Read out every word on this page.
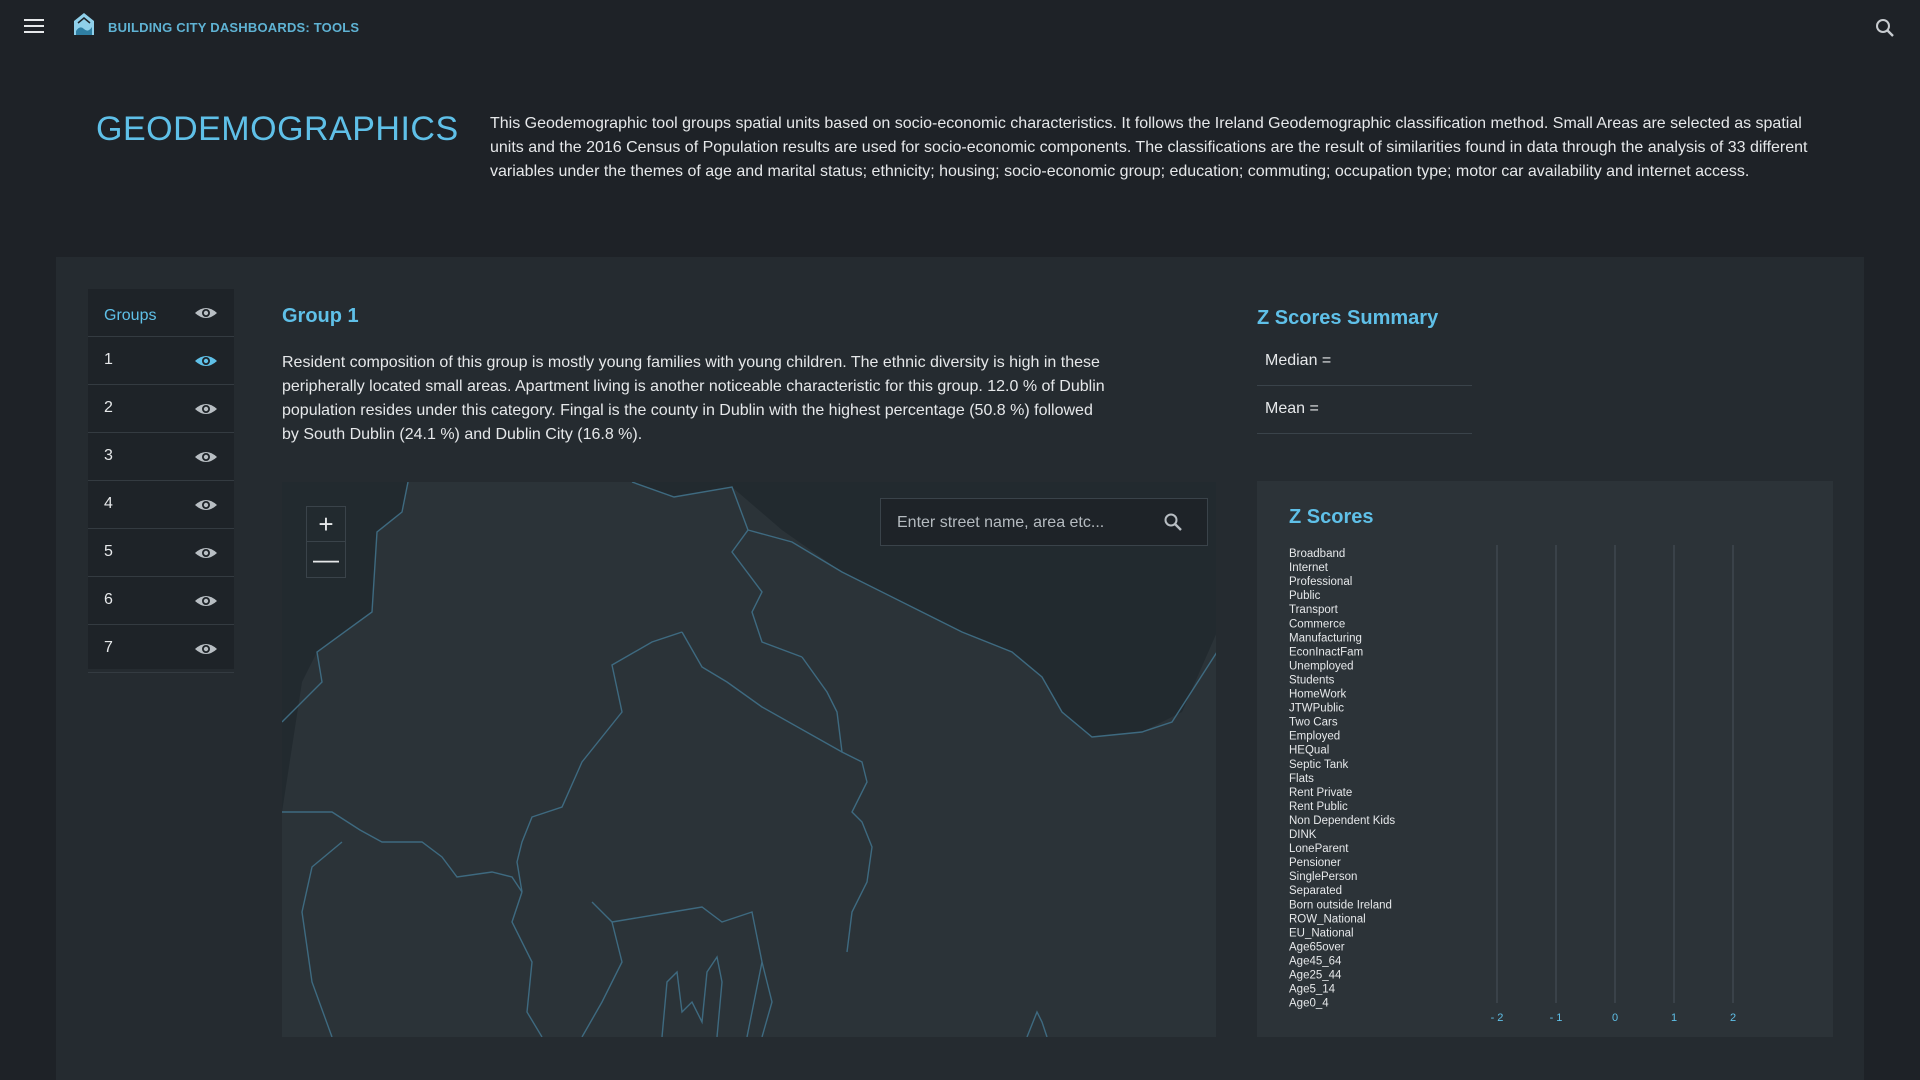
BUILDING CITY DASHBOARDS: TOOLS
GEODEMOGRAPHICS This Geodemographic tool groups spatial units based on socio-economic characteristics. It follows the Ireland Geodemographic classification method. Small Areas are selected as spatial units and the 2016 Census of Population results are used for socio-economic components. The classifications are the result of similarities found in data through the analysis of 33 different variables under the themes of age and marital status; ethnicity; housing; socio-economic group; education; commuting; occupation type; motor car availability and internet access.
Groups
1
2
3
4
5
6
7
Group 1
Resident composition of this group is mostly young families with young children. The ethnic diversity is high in these peripherally located small areas. Apartment living is another noticeable characteristic for this group. 12.0 % of Dublin population resides under this category. Fingal is the county in Dublin with the highest percentage (50.8 %) followed by South Dublin (24.1 %) and Dublin City (16.8 %).
+
—
Enter street name, area etc...
Z Scores Summary
Median =
Mean =
Z Scores
- 2	- 1	0	1	2
Broadband
Internet
Professional
Public
Transport
Commerce
Manufacturing
EconInactFam
Unemployed
Students
HomeWork
JTWPublic
Two Cars
Employed
HEQual
Septic Tank
Flats
Rent Private
Rent Public
Non Dependent Kids
DINK
LoneParent
Pensioner
SinglePerson
Separated
Born outside Ireland
ROW_National
EU_National
Age65over
Age45_64
Age25_44
Age5_14
Age0_4
